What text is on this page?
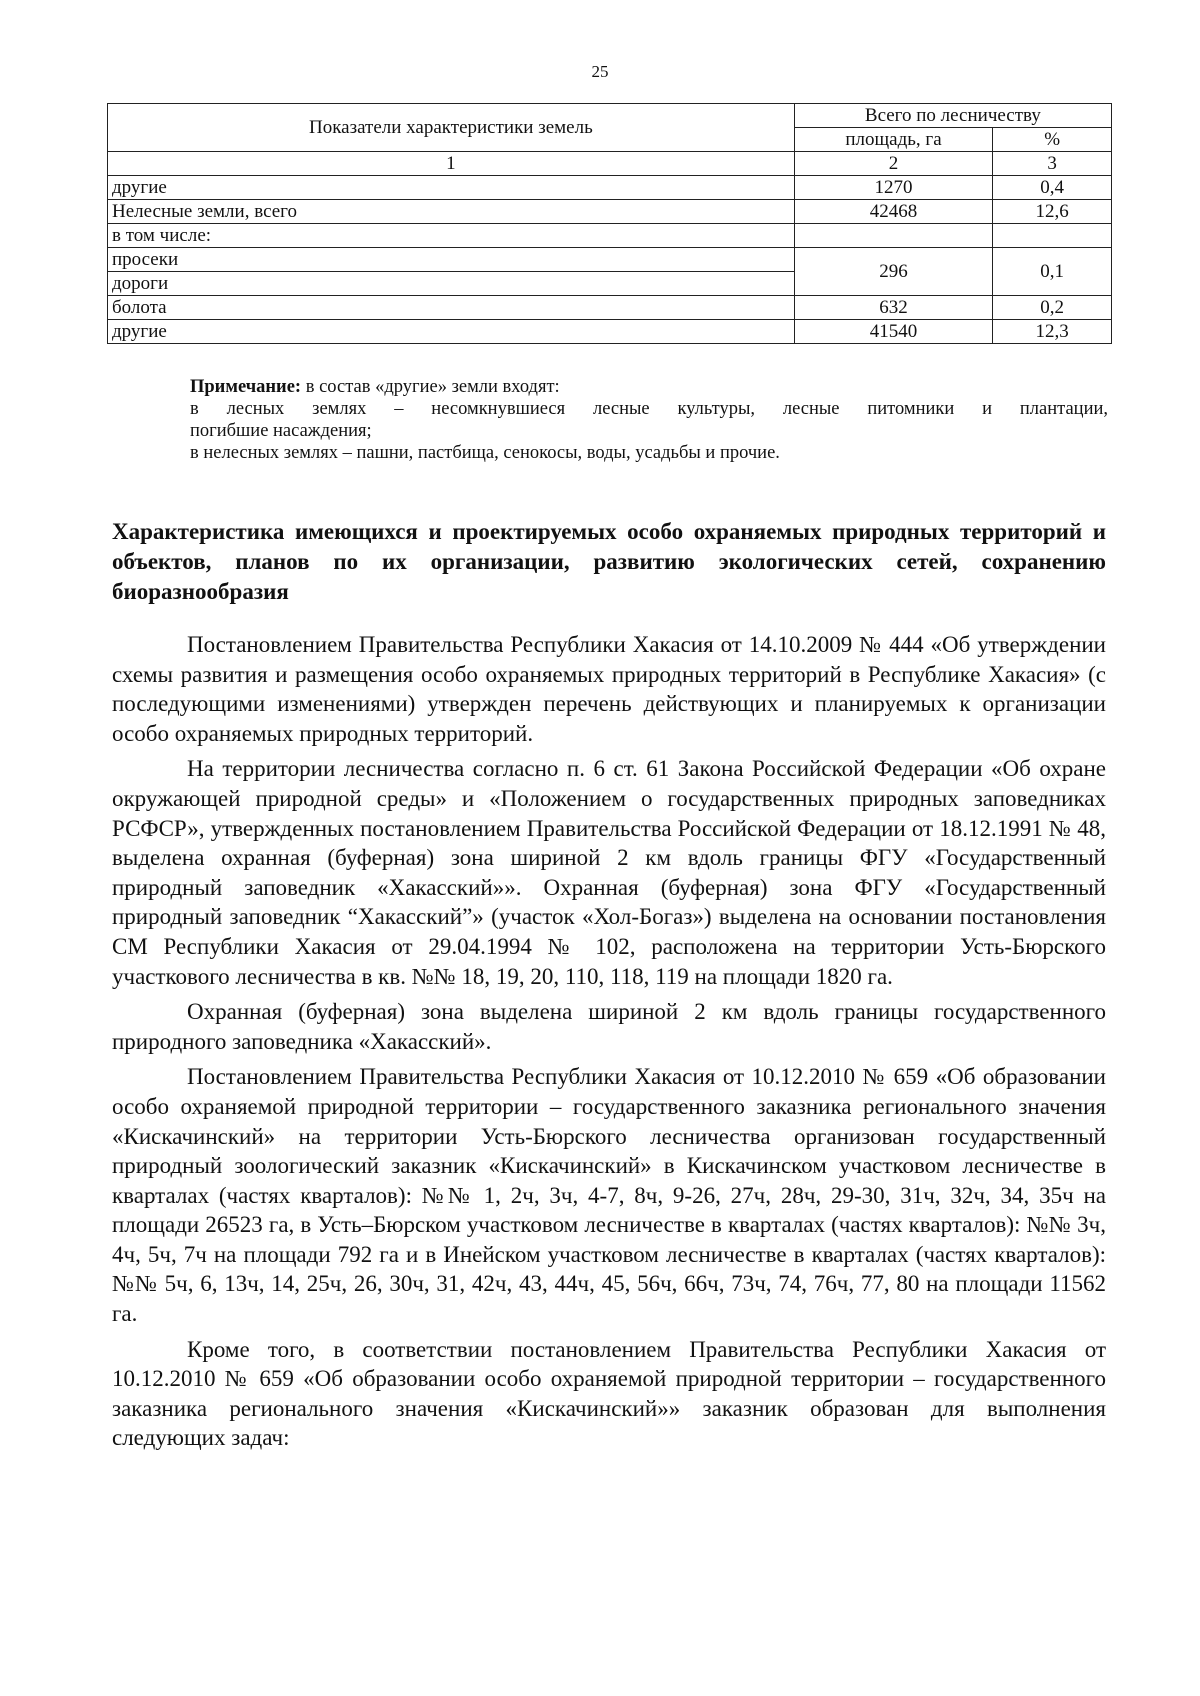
25
Показатели характеристики земель	Всего по лесничеству	
	площадь, га	%
1	2	3
другие	1270	0,4
Нелесные земли, всего	42468	12,6
в том числе:		
просеки	296	0,1
дороги		
болота	632	0,2
другие	41540	12,3

Примечание: в состав «другие» земли входят:

в лесных землях – несомкнувшиеся лесные культуры, лесные питомники и плантации,

погибшие насаждения;

в нелесных землях – пашни, пастбища, сенокосы, воды, усадьбы и прочие.

Характеристика имеющихся и проектируемых особо охраняемых природных территорий и объектов, планов по их организации, развитию экологических сетей, сохранению биоразнообразия

Постановлением Правительства Республики Хакасия от 14.10.2009 № 444 «Об утверждении схемы развития и размещения особо охраняемых природных территорий в Республике Хакасия» (с последующими изменениями) утвержден перечень действующих и планируемых к организации особо охраняемых природных территорий.

На территории лесничества согласно п. 6 ст. 61 Закона Российской Федерации «Об охране окружающей природной среды» и «Положением о государственных природных заповедниках РСФСР», утвержденных постановлением Правительства Российской Федерации от 18.12.1991 № 48, выделена охранная (буферная) зона шириной 2 км вдоль границы ФГУ «Государственный природный заповедник «Хакасский»». Охранная (буферная) зона ФГУ «Государственный природный заповедник “Хакасский”» (участок «Хол-Богаз») выделена на основании постановления СМ Республики Хакасия от 29.04.1994 № 102, расположена на территории Усть-Бюрского участкового лесничества в кв. №№ 18, 19, 20, 110, 118, 119 на площади 1820 га.

Охранная (буферная) зона выделена шириной 2 км вдоль границы государственного природного заповедника «Хакасский».

Постановлением Правительства Республики Хакасия от 10.12.2010 № 659 «Об образовании особо охраняемой природной территории – государственного заказника регионального значения «Кискачинский» на территории Усть-Бюрского лесничества организован государственный природный зоологический заказник «Кискачинский» в Кискачинском участковом лесничестве в кварталах (частях кварталов): №№ 1, 2ч, 3ч, 4-7, 8ч, 9-26, 27ч, 28ч, 29-30, 31ч, 32ч, 34, 35ч на площади 26523 га, в Усть–Бюрском участковом лесничестве в кварталах (частях кварталов): №№ 3ч, 4ч, 5ч, 7ч на площади 792 га и в Инейском участковом лесничестве в кварталах (частях кварталов): №№ 5ч, 6, 13ч, 14, 25ч, 26, 30ч, 31, 42ч, 43, 44ч, 45, 56ч, 66ч, 73ч, 74, 76ч, 77, 80 на площади 11562 га.

Кроме того, в соответствии постановлением Правительства Республики Хакасия от 10.12.2010 № 659 «Об образовании особо охраняемой природной территории – государственного заказника регионального значения «Кискачинский»» заказник образован для выполнения следующих задач:
